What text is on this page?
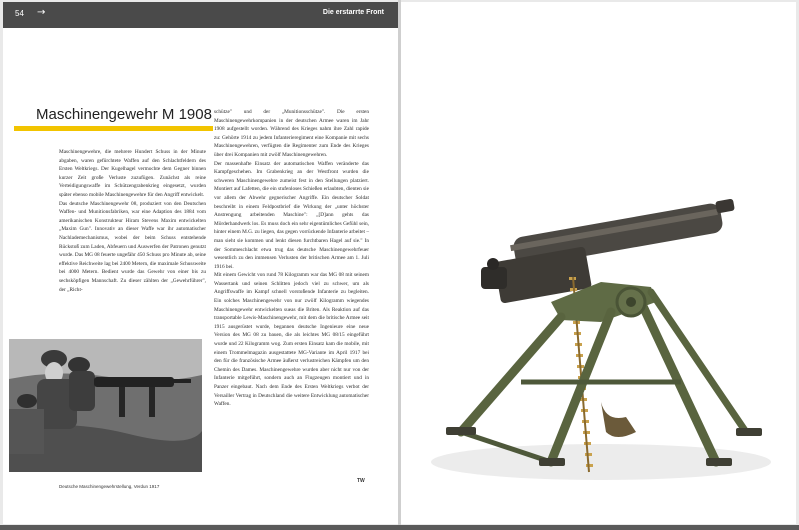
54 →	Die erstarrte Front
Maschinengewehr M 1908

Maschinengewehre, die mehrere Hundert Schuss in der Minute abgaben, waren gefürchtete Waffen auf den Schlachtfeldern des Ersten Weltkriegs. Der Kugelhagel vermochte dem Gegner binnen kurzer Zeit große Verluste zuzufügen. Zunächst als reine Verteidigungswaffe im Schützengrabenkrieg eingesetzt, wurden später ebenso mobile Maschinengewehre für den Angriff entwickelt.

Das deutsche Maschinengewehr 08, produziert von den Deutschen Waffen- und Munitionsfabriken, war eine Adaption des 1884 vom amerikanischen Konstrukteur Hiram Stevens Maxim entwickelten „Maxim Gun". Innovativ an dieser Waffe war ihr automatischer Nachlademechanismus, wobei der beim Schuss entstehende Rückstoß zum Laden, Abfeuern und Auswerfen der Patronen genutzt wurde. Das MG 08 feuerte ungefähr 450 Schuss pro Minute ab, seine effektive Reichweite lag bei 2400 Metern, die maximale Schussweite bei 4000 Metern. Bedient wurde das Gewehr von einer bis zu sechsköpfigen Mannschaft. Zu dieser zählten der „Gewehrführer", der „Richt-

schütze" und der „Munitionsschütze". Die ersten Maschinengewehrkompanien in der deutschen Armee waren im Jahr 1908 aufgestellt worden. Während des Krieges nahm ihre Zahl rapide zu: Gehörte 1914 zu jedem Infanterieregiment eine Kompanie mit sechs Maschinengewehren, verfügten die Regimenter zum Ende des Krieges über drei Kompanien mit zwölf Maschinengewehren.

Der massenhafte Einsatz der automatischen Waffen veränderte das Kampfgeschehen. Im Grabenkrieg an der Westfront wurden die schweren Maschinengewehre zumeist fest in den Stellungen platziert. Montiert auf Lafetten, die ein stufenloses Schießen erlaubten, dienten sie vor allem der Abwehr gegnerischer Angriffe. Ein deutscher Soldat beschreibt in einem Feldpostbrief die Wirkung der „unter höchster Anstrengung arbeitenden Maschine": „[D]ann gehts das Mörderhandwerk los. Es muss doch ein sehr eigentümliches Gefühl sein, hinter einem M.G. zu liegen, das gegen vorrückende Infanterie arbeitet – man sieht sie kommen und lenkt diesen furchtbaren Hagel auf sie." In der Sommeschlacht etwa trug das deutsche Maschinengewehrfeuer wesentlich zu den immensen Verlusten der britischen Armee am 1. Juli 1916 bei.

Mit einem Gewicht von rund 78 Kilogramm war das MG 08 mit seinem Wassertank und seinen Schlitten jedoch viel zu schwer, um als Angriffswaffe im Kampf schnell vorstoßende Infanterie zu begleiten. Ein solches Maschinengewehr von nur zwölf Kilogramm wiegendes Maschinengewehr entwickelten sueas die Briten. Als Reaktion auf das transportable Lewis-Maschinengewehr, mit dem die britische Armee seit 1915 ausgerüstet wurde, begannen deutsche Ingenieure eine neue Version des MG 08 zu bauen, die als leichtes MG 08/15 eingeführt wurde und 22 Kilogramm wog. Zum ersten Einsatz kam die mobile, mit einem Trommelmagazin ausgestattete MG-Variante im April 1917 bei den für die französische Armee äußerst verlustreichen Kämpfen um den Chemin des Dames. Maschinengewehre wurden aber nicht nur von der Infanterie mitgeführt, sondern auch an Flugzeugen montiert und in Panzer eingebaut. Nach dem Ende des Ersten Weltkriegs verbot der Versailler Vertrag in Deutschland die weitere Entwicklung automatischer Waffen.

Deutsche Maschinengewehrstellung, Verdun 1917
TW
